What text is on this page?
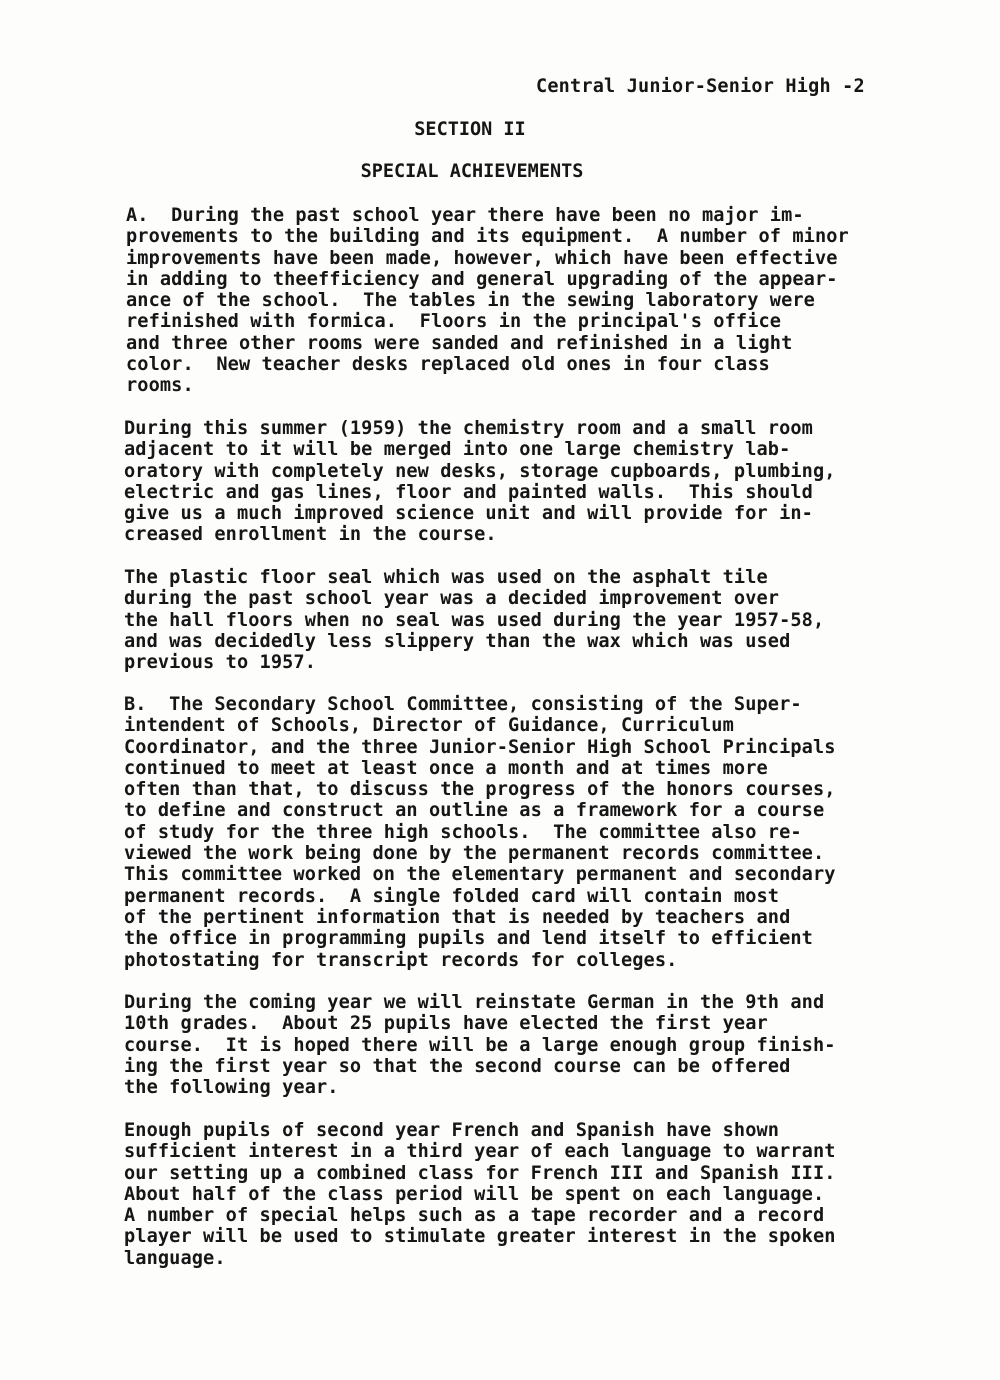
Central Junior-Senior High -2
SECTION II
SPECIAL ACHIEVEMENTS
A.  During the past school year there have been no major im-
provements to the building and its equipment.  A number of minor
improvements have been made, however, which have been effective
in adding to theefficiency and general upgrading of the appear-
ance of the school.  The tables in the sewing laboratory were
refinished with formica.  Floors in the principal's office
and three other rooms were sanded and refinished in a light
color.  New teacher desks replaced old ones in four class
rooms.
During this summer (1959) the chemistry room and a small room
adjacent to it will be merged into one large chemistry lab-
oratory with completely new desks, storage cupboards, plumbing,
electric and gas lines, floor and painted walls.  This should
give us a much improved science unit and will provide for in-
creased enrollment in the course.
The plastic floor seal which was used on the asphalt tile
during the past school year was a decided improvement over
the hall floors when no seal was used during the year 1957-58,
and was decidedly less slippery than the wax which was used
previous to 1957.
B.  The Secondary School Committee, consisting of the Super-
intendent of Schools, Director of Guidance, Curriculum
Coordinator, and the three Junior-Senior High School Principals
continued to meet at least once a month and at times more
often than that, to discuss the progress of the honors courses,
to define and construct an outline as a framework for a course
of study for the three high schools.  The committee also re-
viewed the work being done by the permanent records committee.
This committee worked on the elementary permanent and secondary
permanent records.  A single folded card will contain most
of the pertinent information that is needed by teachers and
the office in programming pupils and lend itself to efficient
photostating for transcript records for colleges.
During the coming year we will reinstate German in the 9th and
10th grades.  About 25 pupils have elected the first year
course.  It is hoped there will be a large enough group finish-
ing the first year so that the second course can be offered
the following year.
Enough pupils of second year French and Spanish have shown
sufficient interest in a third year of each language to warrant
our setting up a combined class for French III and Spanish III.
About half of the class period will be spent on each language.
A number of special helps such as a tape recorder and a record
player will be used to stimulate greater interest in the spoken
language.
